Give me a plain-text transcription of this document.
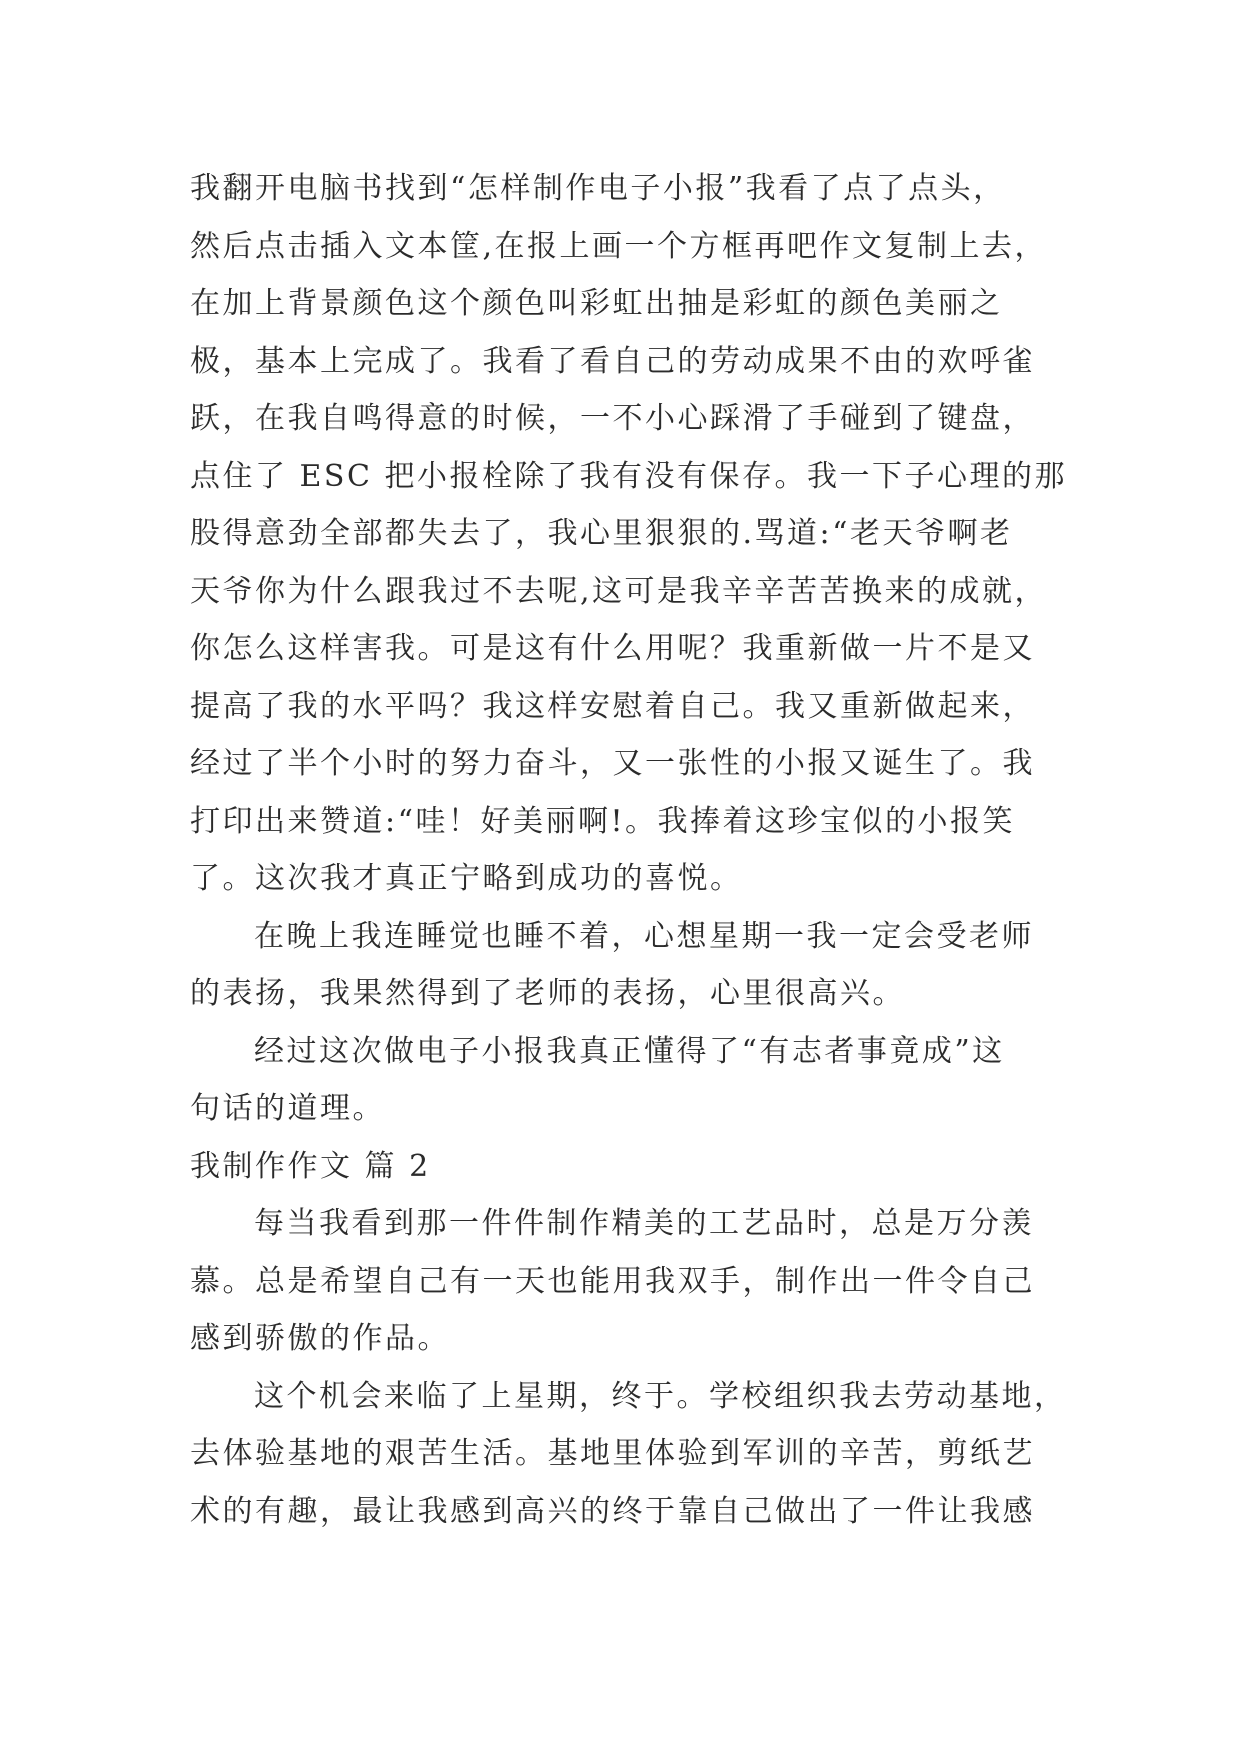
我翻开电脑书找到“怎样制作电子小报”我看了点了点头，
然后点击插入文本筐,在报上画一个方框再吧作文复制上去，
在加上背景颜色这个颜色叫彩虹出抽是彩虹的颜色美丽之
极，基本上完成了。我看了看自己的劳动成果不由的欢呼雀
跃，在我自鸣得意的时候，一不小心踩滑了手碰到了键盘，
点住了 ESC 把小报栓除了我有没有保存。我一下子心理的那
股得意劲全部都失去了，我心里狠狠的.骂道:“老天爷啊老
天爷你为什么跟我过不去呢,这可是我辛辛苦苦换来的成就，
你怎么这样害我。可是这有什么用呢？我重新做一片不是又
提高了我的水平吗？我这样安慰着自己。我又重新做起来，
经过了半个小时的努力奋斗，又一张性的小报又诞生了。我
打印出来赞道:“哇！好美丽啊!。我捧着这珍宝似的小报笑
了。这次我才真正宁略到成功的喜悦。
在晚上我连睡觉也睡不着，心想星期一我一定会受老师
的表扬，我果然得到了老师的表扬，心里很高兴。
经过这次做电子小报我真正懂得了“有志者事竟成”这
句话的道理。
我制作作文 篇 2
每当我看到那一件件制作精美的工艺品时，总是万分羡
慕。总是希望自己有一天也能用我双手，制作出一件令自己
感到骄傲的作品。
这个机会来临了上星期，终于。学校组织我去劳动基地，
去体验基地的艰苦生活。基地里体验到军训的辛苦，剪纸艺
术的有趣，最让我感到高兴的终于靠自己做出了一件让我感
